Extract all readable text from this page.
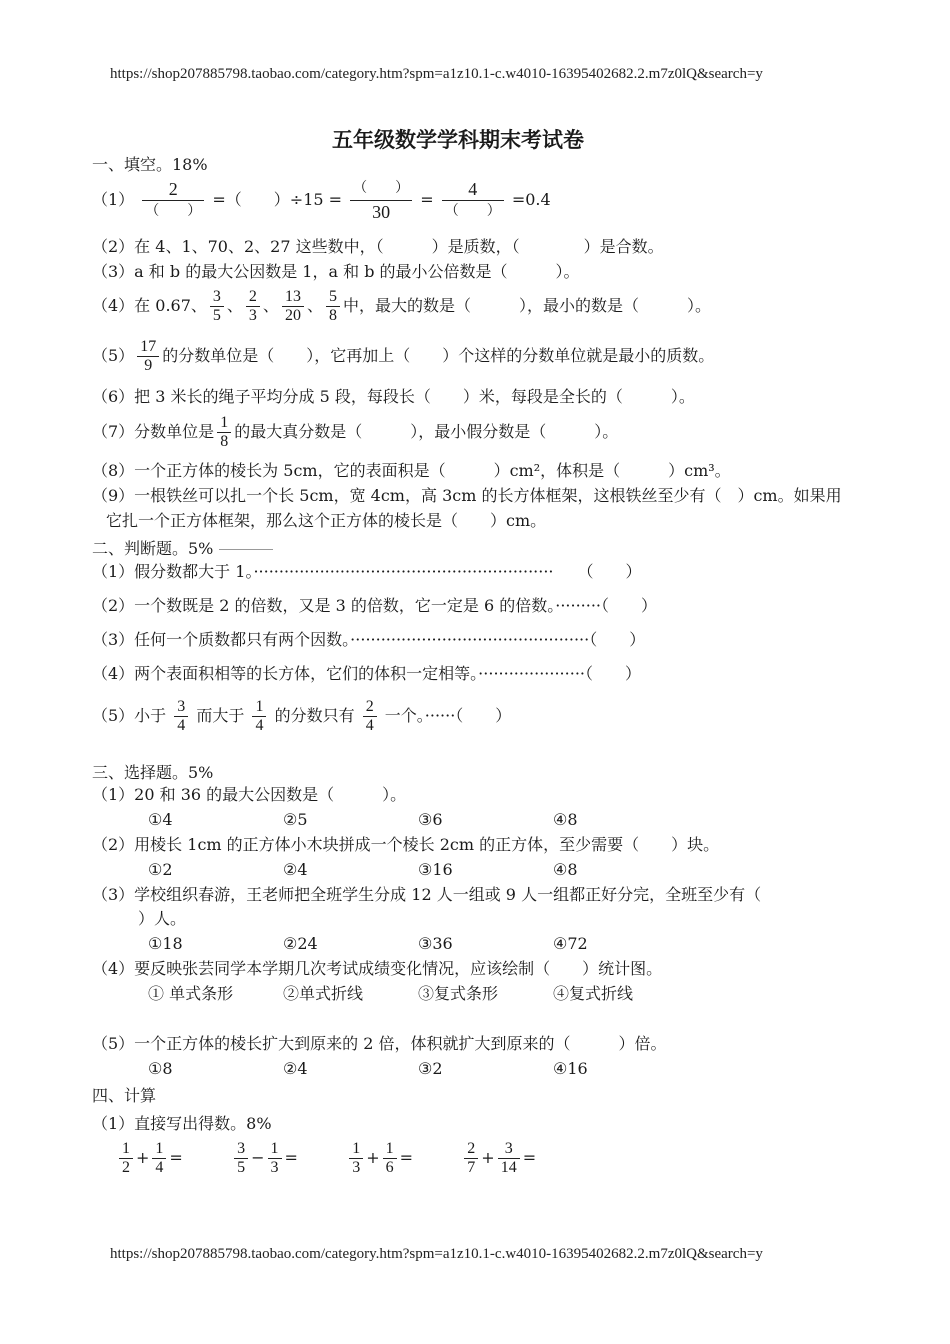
https://shop207885798.taobao.com/category.htm?spm=a1z10.1-c.w4010-16395402682.2.m7z0lQ&search=y
五年级数学学科期末考试卷
一、填空。18%
$(1) \frac{2}{( )}$ =（　　）$\div 15 = \frac{( )}{30} = \frac{4}{( )} =0.4$
（2）在 4、1、70、2、27 这些数中，（　　　）是质数，（　　　　）是合数。
（3）a 和 b 的最大公因数是 1，a 和 b 的最小公倍数是（　　　）。
（4）在 0.67、 $\frac{3}{5}$ 、 $\frac{2}{3}$ 、 $\frac{13}{20}$ 、 $\frac{5}{8}$ 中，最大的数是（　　　），最小的数是（　　　）。
$(5) \frac{17}{9}$ 的分数单位是（　　），它再加上（　　）个这样的分数单位就是最小的质数。
（6）把 3 米长的绳子平均分成 5 段，每段长（　　）米，每段是全长的（　　　）。
（7）分数单位是 $\frac{1}{8}$ 的最大真分数是（　　　），最小假分数是（　　　）。
（8）一个正方体的棱长为 5cm，它的表面积是（　　　）cm²，体积是（　　　）cm³。
（9）一根铁丝可以扎一个长 5cm，宽 4cm，高 3cm 的长方体框架，这根铁丝至少有（　）cm。如果用
它扎一个正方体框架，那么这个正方体的棱长是（　　）cm。
二、判断题。5%
（1）假分数都大于 1。···························································　　（　　）
（2）一个数既是 2 的倍数，又是 3 的倍数，它一定是 6 的倍数。·········（　　）
（3）任何一个质数都只有两个因数。···············································（　　）
（4）两个表面积相等的长方体，它们的体积一定相等。·····················（　　）
（5）小于 $\frac{3}{4}$ 而大于 $\frac{1}{4}$ 的分数只有 $\frac{2}{4}$ 一个。······（　　）
三、选择题。5%
（1）20 和 36 的最大公因数是（　　　）。
①4	②5	③6	④8
（2）用棱长 1cm 的正方体小木块拼成一个棱长 2cm 的正方体，至少需要（　　）块。
①2	②4	③16	④8
（3）学校组织春游，王老师把全班学生分成 12 人一组或 9 人一组都正好分完，全班至少有（
）人。
①18	②24	③36	④72
（4）要反映张芸同学本学期几次考试成绩变化情况，应该绘制（　　）统计图。
① 单式条形	②单式折线	③复式条形	④复式折线
（5）一个正方体的棱长扩大到原来的 2 倍，体积就扩大到原来的（　　　）倍。
①8	②4	③2	④16
四、计算
（1）直接写出得数。8%
$\frac{1}{2} + \frac{1}{4}$ =	$\frac{3}{5} - \frac{1}{3}$ =	$\frac{1}{3} + \frac{1}{6}$ =	$\frac{2}{7} + \frac{3}{14}$ =
https://shop207885798.taobao.com/category.htm?spm=a1z10.1-c.w4010-16395402682.2.m7z0lQ&search=y
